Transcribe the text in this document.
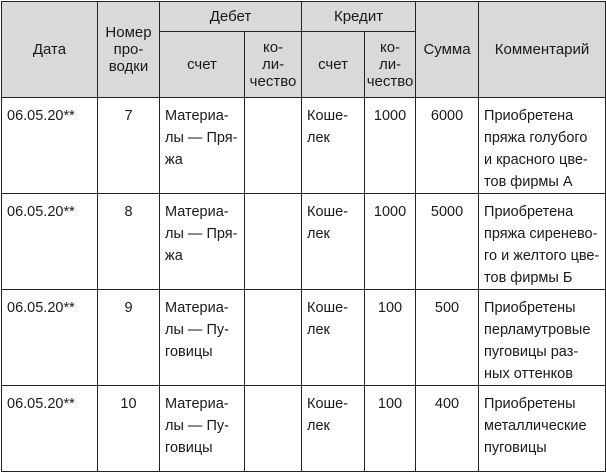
Дата	Номер
про-
водки	Дебет		Кредит		Сумма	Комментарий
		счет	ко-
ли-
чество	счет	ко-
ли-
чество		
06.05.20**	7	Материа-
лы — Пря-
жа		Кошe-
лек	1000	6000	Приобретена
пряжа голубого
и красного цве-
тов фирмы А
06.05.20**	8	Материа-
лы — Пря-
жа		Кошe-
лек	1000	5000	Приобретена
пряжа сиренево-
го и желтого цве-
тов фирмы Б
06.05.20**	9	Материа-
лы — Пу-
говицы		Кошe-
лек	100	500	Приобретены
перламутровые
пуговицы раз-
ных оттенков
06.05.20**	10	Материа-
лы — Пу-
говицы		Кошe-
лек	100	400	Приобретены
металлические
пуговицы
